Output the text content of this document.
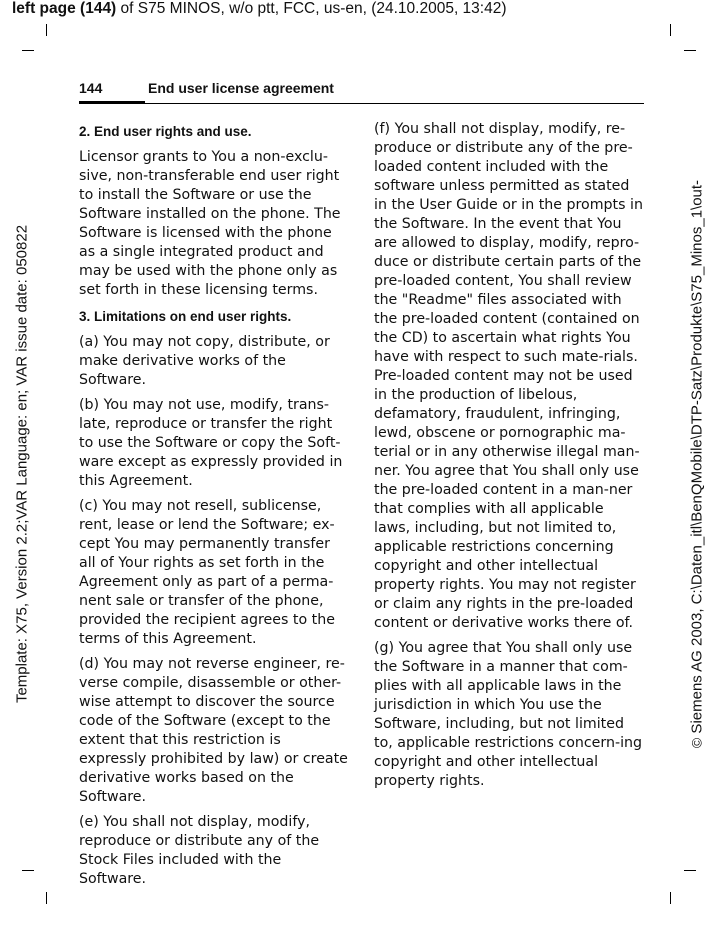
left page (144) of S75 MINOS, w/o ptt, FCC, us-en, (24.10.2005, 13:42)
Template: X75, Version 2.2;VAR Language: en; VAR issue date: 050822
© Siemens AG 2003, C:\Daten_itl\BenQMobile\DTP-Satz\Produkte\S75_Minos_1\out-
144	End user license agreement
2. End user rights and use.

Licensor grants to You a non-exclu-sive, non-transferable end user right to install the Software or use the Software installed on the phone. The Software is licensed with the phone as a single integrated product and may be used with the phone only as set forth in these licensing terms.

3. Limitations on end user rights.

(a) You may not copy, distribute, or make derivative works of the Software.

(b) You may not use, modify, trans-late, reproduce or transfer the right to use the Software or copy the Soft-ware except as expressly provided in this Agreement.

(c) You may not resell, sublicense, rent, lease or lend the Software; ex-cept You may permanently transfer all of Your rights as set forth in the Agreement only as part of a perma-nent sale or transfer of the phone, provided the recipient agrees to the terms of this Agreement.

(d) You may not reverse engineer, re-verse compile, disassemble or other-wise attempt to discover the source code of the Software (except to the extent that this restriction is expressly prohibited by law) or create derivative works based on the Software.

(e) You shall not display, modify, reproduce or distribute any of the Stock Files included with the Software.

(f) You shall not display, modify, re-produce or distribute any of the pre-loaded content included with the software unless permitted as stated in the User Guide or in the prompts in the Software. In the event that You are allowed to display, modify, repro-duce or distribute certain parts of the pre-loaded content, You shall review the "Readme" files associated with the pre-loaded content (contained on the CD) to ascertain what rights You have with respect to such mate-rials. Pre-loaded content may not be used in the production of libelous, defamatory, fraudulent, infringing, lewd, obscene or pornographic ma-terial or in any otherwise illegal man-ner. You agree that You shall only use the pre-loaded content in a man-ner that complies with all applicable laws, including, but not limited to, applicable restrictions concerning copyright and other intellectual property rights. You may not register or claim any rights in the pre-loaded content or derivative works there of.

(g) You agree that You shall only use the Software in a manner that com-plies with all applicable laws in the jurisdiction in which You use the Software, including, but not limited to, applicable restrictions concern-ing copyright and other intellectual property rights.
